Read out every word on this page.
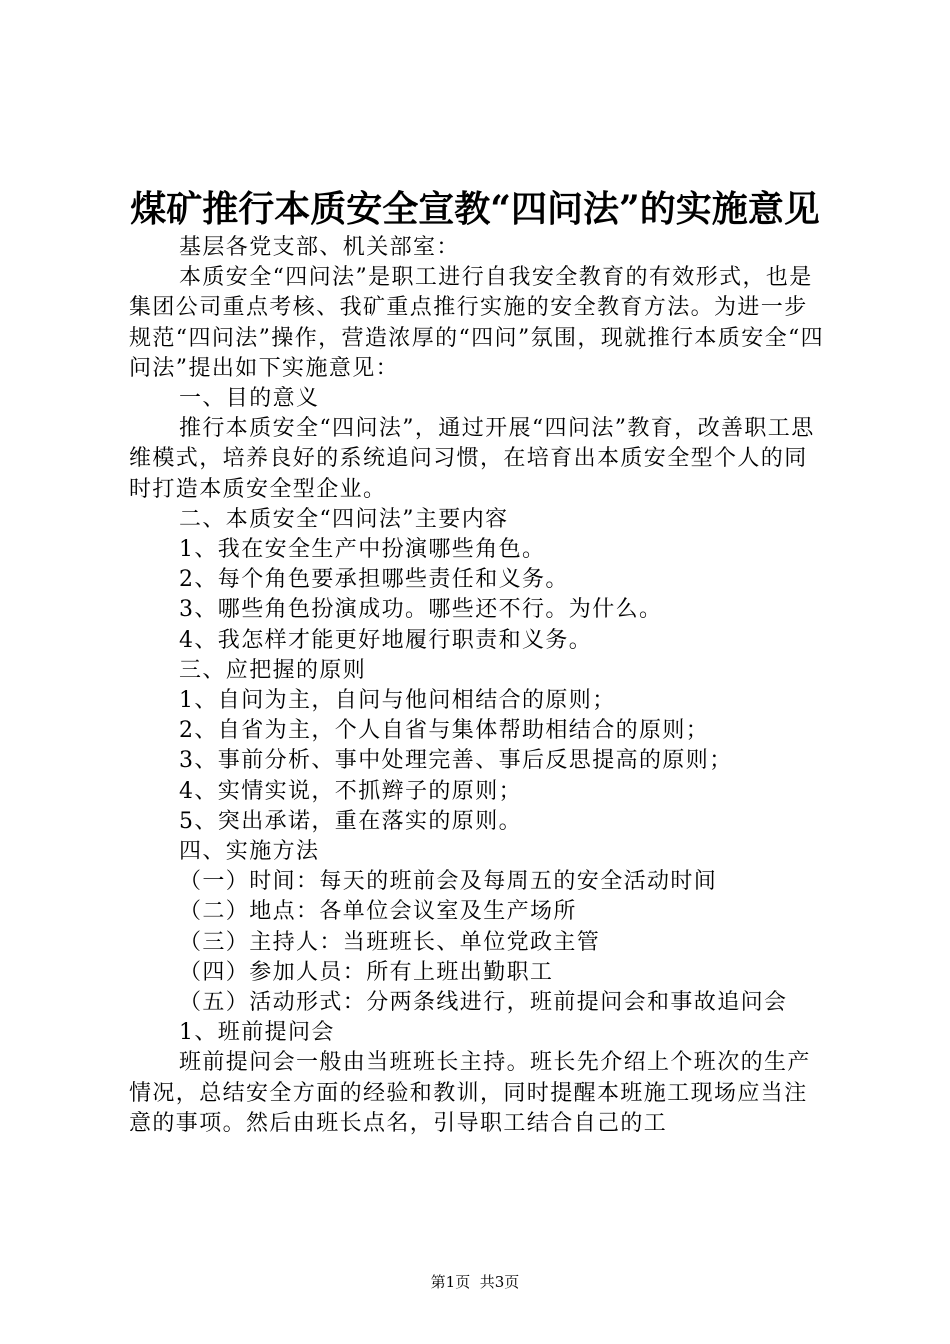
煤矿推行本质安全宣教“四问法”的实施意见

基层各党支部、机关部室：

本质安全“四问法”是职工进行自我安全教育的有效形式，也是集团公司重点考核、我矿重点推行实施的安全教育方法。为进一步规范“四问法”操作，营造浓厚的“四问”氛围，现就推行本质安全“四问法”提出如下实施意见：

一、目的意义

推行本质安全“四问法”，通过开展“四问法”教育，改善职工思维模式，培养良好的系统追问习惯，在培育出本质安全型个人的同时打造本质安全型企业。

二、本质安全“四问法”主要内容

1、我在安全生产中扮演哪些角色。

2、每个角色要承担哪些责任和义务。

3、哪些角色扮演成功。哪些还不行。为什么。

4、我怎样才能更好地履行职责和义务。

三、应把握的原则

1、自问为主，自问与他问相结合的原则；

2、自省为主，个人自省与集体帮助相结合的原则；

3、事前分析、事中处理完善、事后反思提高的原则；

4、实情实说，不抓辫子的原则；

5、突出承诺，重在落实的原则。

四、实施方法

（一）时间：每天的班前会及每周五的安全活动时间

（二）地点：各单位会议室及生产场所

（三）主持人：当班班长、单位党政主管

（四）参加人员：所有上班出勤职工

（五）活动形式：分两条线进行，班前提问会和事故追问会

1、班前提问会

班前提问会一般由当班班长主持。班长先介绍上个班次的生产情况，总结安全方面的经验和教训，同时提醒本班施工现场应当注意的事项。然后由班长点名，引导职工结合自己的工

第1页 共3页
